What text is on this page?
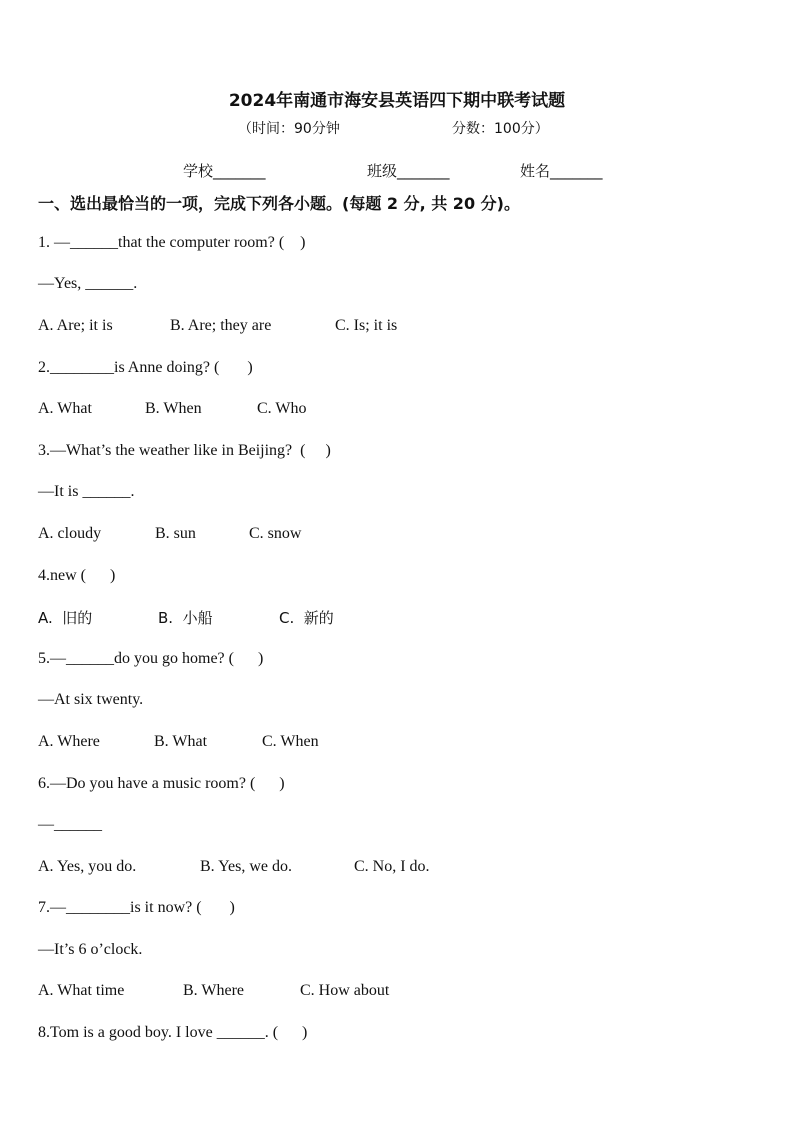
2024年南通市海安县英语四下期中联考试题
（时间：90分钟	分数：100分）
学校_______	班级_______	姓名_______
一、选出最恰当的一项，完成下列各小题。(每题 2 分, 共 20 分)。
1. —______that the computer room? (    )
—Yes, ______.
A. Are; it is	B. Are; they are	C. Is; it is
2.________is Anne doing? (       )
A. What	B. When	C. Who
3.—What’s the weather like in Beijing?  (     )
—It is ______.
A. cloudy	B. sun	C. snow
4.new (      )
A.  旧的	B.  小船	C.  新的
5.—______do you go home? (      )
—At six twenty.
A. Where	B. What	C. When
6.—Do you have a music room? (      )
—______
A. Yes, you do.	B. Yes, we do.	C. No, I do.
7.—________is it now? (       )
—It’s 6 o’clock.
A. What time	B. Where	C. How about
8.Tom is a good boy. I love ______. (      )
